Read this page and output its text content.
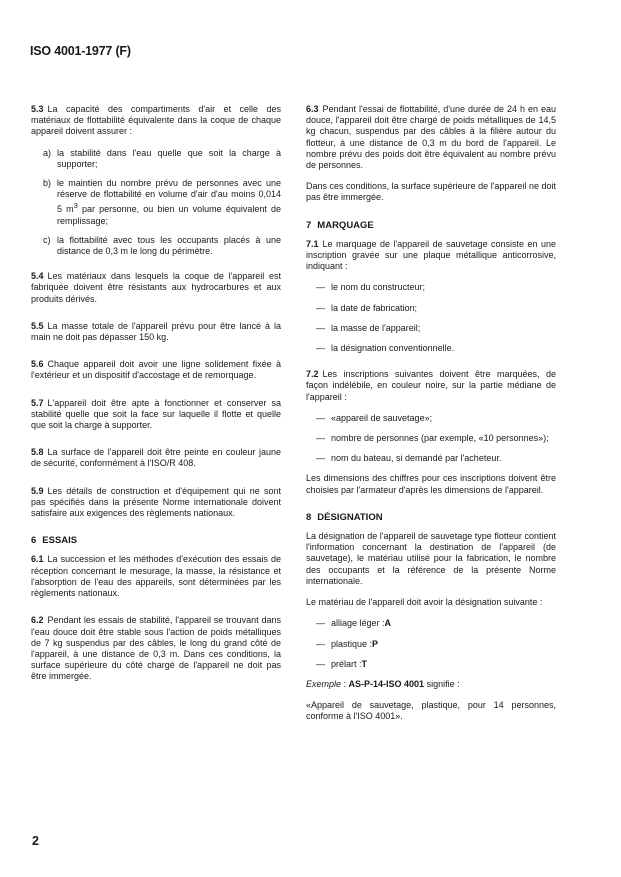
ISO 4001-1977 (F)

5.3 La capacité des compartiments d'air et celle des matériaux de flottabilité équivalente dans la coque de chaque appareil doivent assurer :

a) la stabilité dans l'eau quelle que soit la charge à supporter;
b) le maintien du nombre prévu de personnes avec une réserve de flottabilité en volume d'air d'au moins 0,014 5 $m^3$ par personne, ou bien un volume équivalent de remplissage;
c) la flottabilité avec tous les occupants placés à une distance de 0,3 m le long du périmètre.

5.4 Les matériaux dans lesquels la coque de l'appareil est fabriquée doivent être résistants aux hydrocarbures et aux produits dérivés.

5.5 La masse totale de l'appareil prévu pour être lancé à la main ne doit pas dépasser 150 kg.

5.6 Chaque appareil doit avoir une ligne solidement fixée à l'extérieur et un dispositif d'accostage et de remorquage.

5.7 L'appareil doit être apte à fonctionner et conserver sa stabilité quelle que soit la face sur laquelle il flotte et quelle que soit la charge à supporter.

5.8 La surface de l'appareil doit être peinte en couleur jaune de sécurité, conformément à l'ISO/R 408.

5.9 Les détails de construction et d'équipement qui ne sont pas spécifiés dans la présente Norme internationale doivent satisfaire aux exigences des règlements nationaux.

6 ESSAIS

6.1 La succession et les méthodes d'exécution des essais de réception concernant le mesurage, la masse, la résistance et l'absorption de l'eau des appareils, sont déterminées par les règlements nationaux.

6.2 Pendant les essais de stabilité, l'appareil se trouvant dans l'eau douce doit être stable sous l'action de poids métalliques de 7 kg suspendus par des câbles, le long du grand côté de l'appareil, à une distance de 0,3 m. Dans ces conditions, la surface supérieure du côté chargé de l'appareil ne doit pas être immergée.

6.3 Pendant l'essai de flottabilité, d'une durée de 24 h en eau douce, l'appareil doit être chargé de poids métalliques de 14,5 kg chacun, suspendus par des câbles à la filière autour du flotteur, à une distance de 0,3 m du bord de l'appareil. Le nombre prévu des poids doit être équivalent au nombre prévu de personnes.

Dans ces conditions, la surface supérieure de l'appareil ne doit pas être immergée.

7 MARQUAGE

7.1 Le marquage de l'appareil de sauvetage consiste en une inscription gravée sur une plaque métallique anticorrosive, indiquant :

— le nom du constructeur;
— la date de fabrication;
— la masse de l'appareil;
— la désignation conventionnelle.

7.2 Les inscriptions suivantes doivent être marquées, de façon indélébile, en couleur noire, sur la partie médiane de l'appareil :

— «appareil de sauvetage»;
— nombre de personnes (par exemple, «10 personnes»);
— nom du bateau, si demandé par l'acheteur.

Les dimensions des chiffres pour ces inscriptions doivent être choisies par l'armateur d'après les dimensions de l'appareil.

8 DÉSIGNATION

La désignation de l'appareil de sauvetage type flotteur contient l'information concernant la destination de l'appareil (de sauvetage), le matériau utilisé pour la fabrication, le nombre des occupants et la référence de la présente Norme internationale.

Le matériau de l'appareil doit avoir la désignation suivante :

— alliage léger : A
— plastique : P
— prélart : T

Exemple : AS-P-14-ISO 4001 signifie :

«Appareil de sauvetage, plastique, pour 14 personnes, conforme à l'ISO 4001».

2
